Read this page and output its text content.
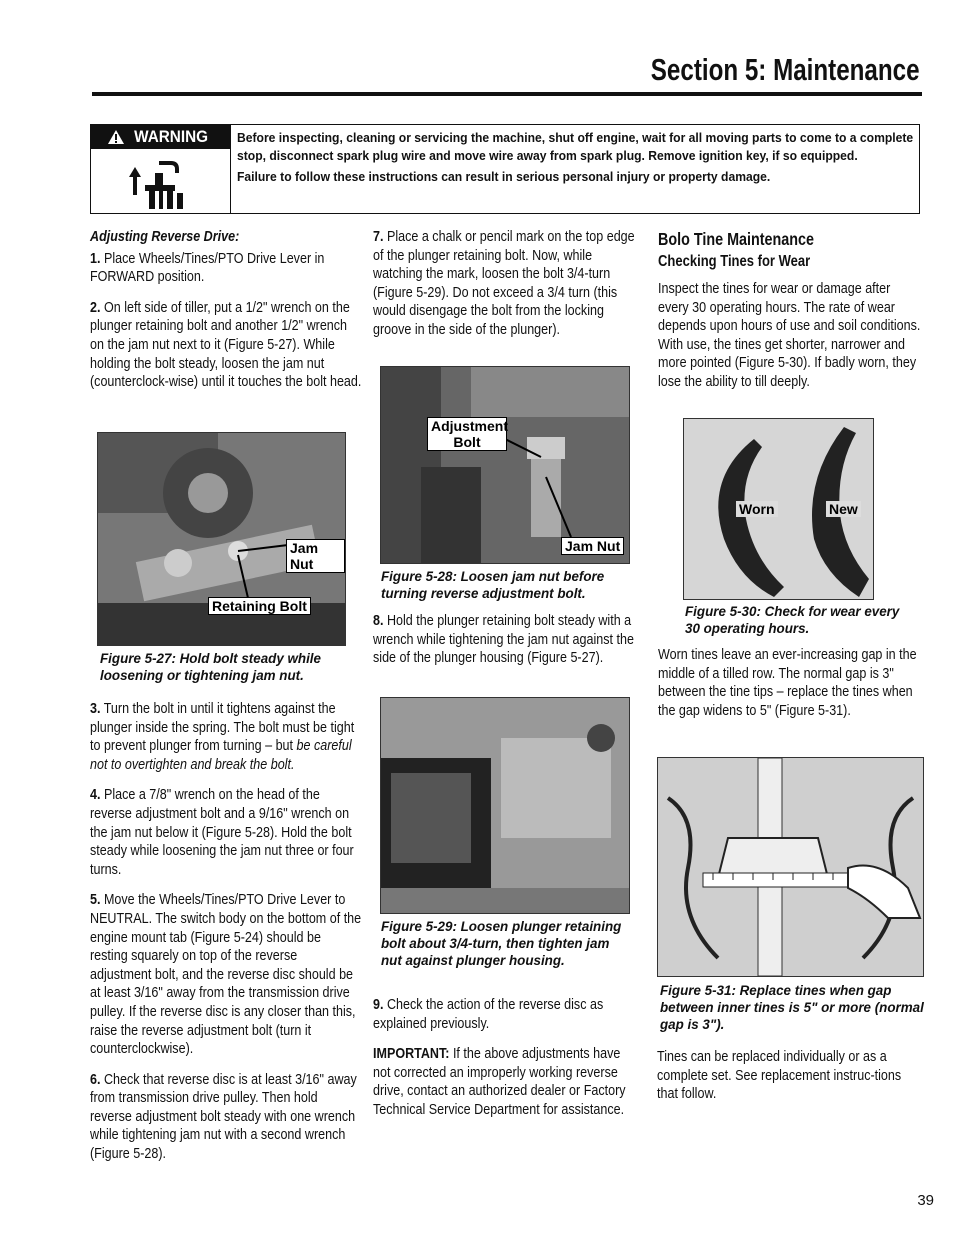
Section 5: Maintenance
WARNING Before inspecting, cleaning or servicing the machine, shut off engine, wait for all moving parts to come to a complete stop, disconnect spark plug wire and move wire away from spark plug. Remove ignition key, if so equipped.

Failure to follow these instructions can result in serious personal injury or property damage.

Adjusting Reverse Drive:

1. Place Wheels/Tines/PTO Drive Lever in FORWARD position.

2. On left side of tiller, put a 1/2" wrench on the plunger retaining bolt and another 1/2" wrench on the jam nut next to it (Figure 5-27). While holding the bolt steady, loosen the jam nut (counterclock-wise) until it touches the bolt head.

Jam Nut
Retaining Bolt
Figure 5-27: Hold bolt steady while loosening or tightening jam nut.

3. Turn the bolt in until it tightens against the plunger inside the spring. The bolt must be tight to prevent plunger from turning – but be careful not to overtighten and break the bolt.

4. Place a 7/8" wrench on the head of the reverse adjustment bolt and a 9/16" wrench on the jam nut below it (Figure 5-28). Hold the bolt steady while loosening the jam nut three or four turns.

5. Move the Wheels/Tines/PTO Drive Lever to NEUTRAL. The switch body on the bottom of the engine mount tab (Figure 5-24) should be resting squarely on top of the reverse adjustment bolt, and the reverse disc should be at least 3/16" away from the transmission drive pulley. If the reverse disc is any closer than this, raise the reverse adjustment bolt (turn it counterclockwise).

6. Check that reverse disc is at least 3/16" away from transmission drive pulley. Then hold reverse adjustment bolt steady with one wrench while tightening jam nut with a second wrench (Figure 5-28).

7. Place a chalk or pencil mark on the top edge of the plunger retaining bolt. Now, while watching the mark, loosen the bolt 3/4-turn (Figure 5-29). Do not exceed a 3/4 turn (this would disengage the bolt from the locking groove in the side of the plunger).

Adjustment
Bolt
Jam Nut
Figure 5-28: Loosen jam nut before turning reverse adjustment bolt.

8. Hold the plunger retaining bolt steady with a wrench while tightening the jam nut against the side of the plunger housing (Figure 5-27).

Figure 5-29: Loosen plunger retaining bolt about 3/4-turn, then tighten jam nut against plunger housing.

9. Check the action of the reverse disc as explained previously.

IMPORTANT: If the above adjustments have not corrected an improperly working reverse drive, contact an authorized dealer or Factory Technical Service Department for assistance.

Bolo Tine Maintenance
Checking Tines for Wear

Inspect the tines for wear or damage after every 30 operating hours. The rate of wear depends upon hours of use and soil conditions. With use, the tines get shorter, narrower and more pointed (Figure 5-30). If badly worn, they lose the ability to till deeply.

Worn	New
Figure 5-30: Check for wear every 30 operating hours.

Worn tines leave an ever-increasing gap in the middle of a tilled row. The normal gap is 3" between the tine tips – replace the tines when the gap widens to 5" (Figure 5-31).

Figure 5-31: Replace tines when gap between inner tines is 5" or more (normal gap is 3").

Tines can be replaced individually or as a complete set. See replacement instruc-tions that follow.

39
